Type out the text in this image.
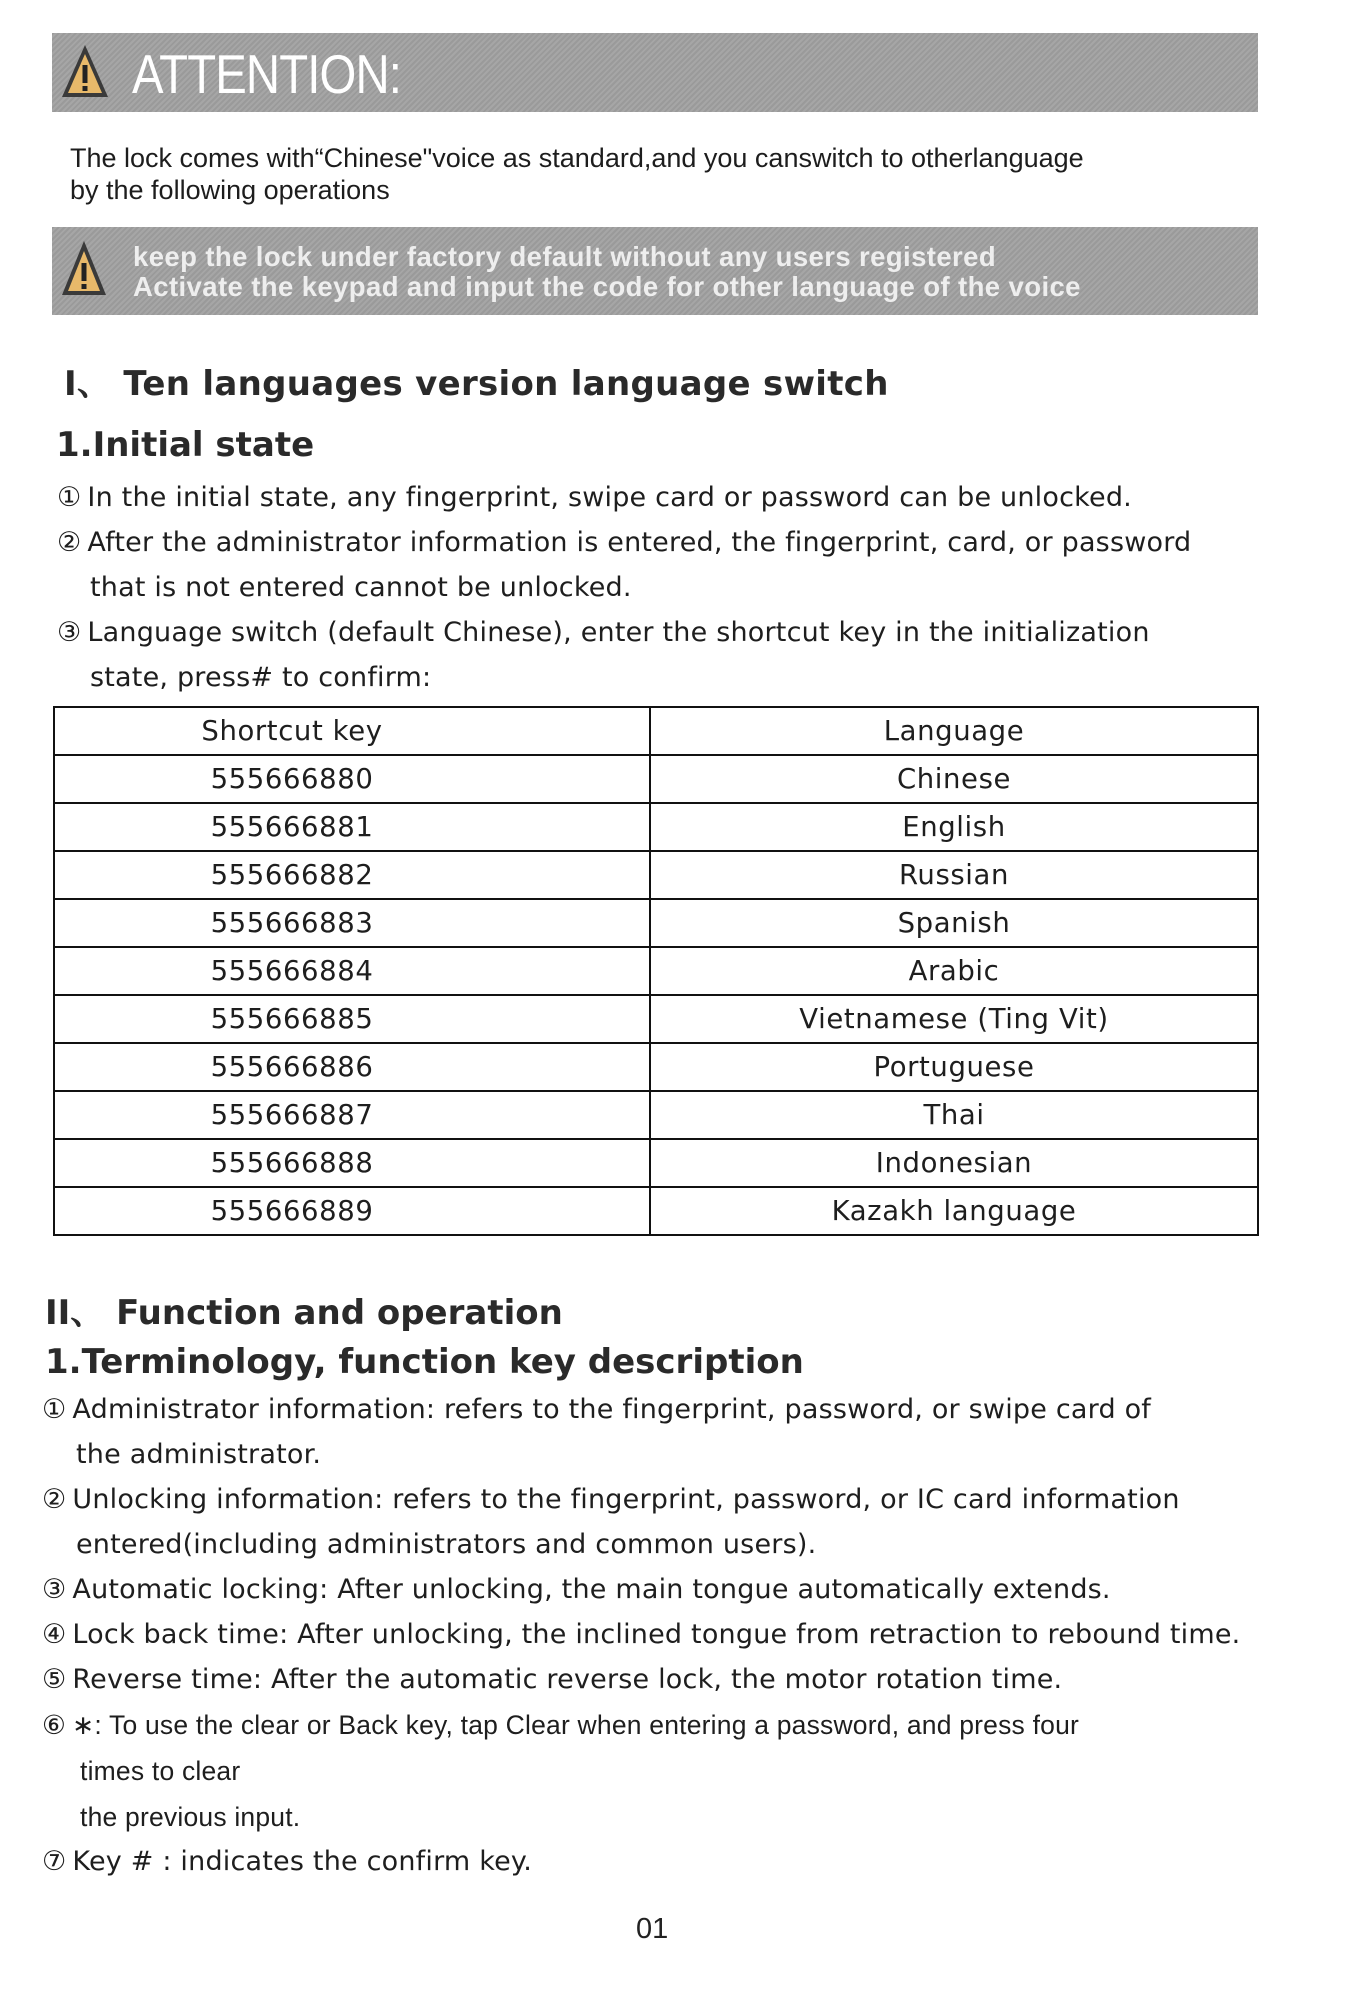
ATTENTION:
The lock comes with“Chinese"voice as standard,and you canswitch to otherlanguage
by the following operations
keep the lock under factory default without any users registered
Activate the keypad and input the code for other language of the voice
I、 Ten languages version language switch
1.Initial state
① In the initial state, any fingerprint, swipe card or password can be unlocked.
② After the administrator information is entered, the fingerprint, card, or password
that is not entered cannot be unlocked.
③ Language switch (default Chinese), enter the shortcut key in the initialization
state, press# to confirm:
Shortcut key	Language
555666880	Chinese
555666881	English
555666882	Russian
555666883	Spanish
555666884	Arabic
555666885	Vietnamese (Ting Vit)
555666886	Portuguese
555666887	Thai
555666888	Indonesian
555666889	Kazakh language
II、 Function and operation
1.Terminology, function key description
① Administrator information: refers to the fingerprint, password, or swipe card of
the administrator.
② Unlocking information: refers to the fingerprint, password, or IC card information
entered(including administrators and common users).
③ Automatic locking: After unlocking, the main tongue automatically extends.
④ Lock back time: After unlocking, the inclined tongue from retraction to rebound time.
⑤ Reverse time: After the automatic reverse lock, the motor rotation time.
⑥ ∗: To use the clear or Back key, tap Clear when entering a password, and press four
times to clear
the previous input.
⑦ Key # : indicates the confirm key.
01
